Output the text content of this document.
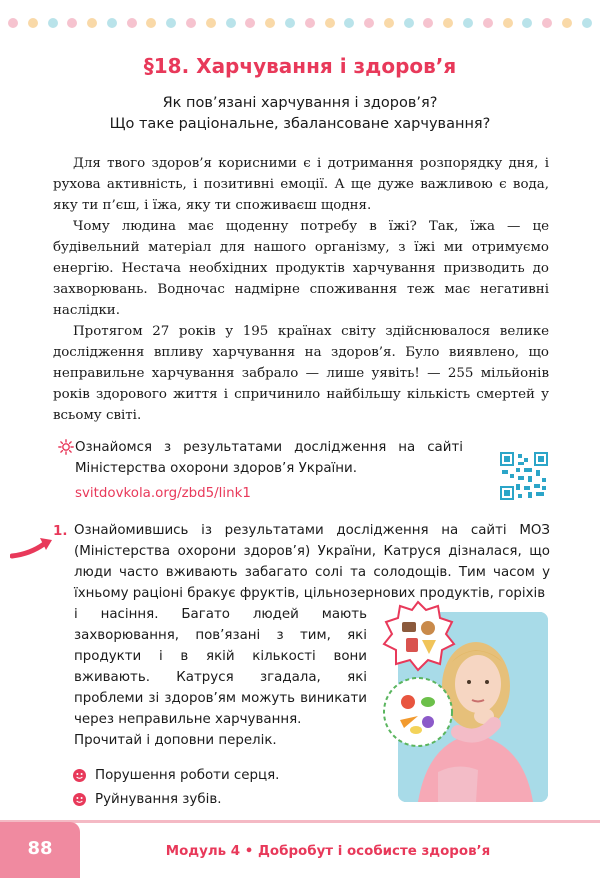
§18. Харчування і здоров’я
Як пов’язані харчування і здоров’я?
Що таке раціональне, збалансоване харчування?

Для твого здоров’я корисними є і дотримання розпорядку дня, і рухова активність, і позитивні емоції. А ще дуже важливою є вода, яку ти п’єш, і їжа, яку ти споживаєш щодня.

Чому людина має щоденну потребу в їжі? Так, їжа — це будівельний матеріал для нашого організму, з їжі ми отримуємо енергію. Нестача необхідних продуктів харчування призводить до захворювань. Водночас надмірне споживання теж має негативні наслідки.

Протягом 27 років у 195 країнах світу здійснювалося велике дослідження впливу харчування на здоров’я. Було виявлено, що неправильне харчування забрало — лише уявіть! — 255 мільйонів років здорового життя і спричинило найбільшу кількість смертей у всьому світі.

Ознайомся з результатами дослідження на сайті Міністерства охорони здоров’я України.
svitdovkola.org/zbd5/link1
1. Ознайомившись із результатами дослідження на сайті МОЗ (Міністерства охорони здоров’я) України, Катруся дізналася, що люди часто вживають забагато солі та солодощів. Тим часом у їхньому раціоні бракує фруктів, цільнозернових продуктів, горіхів
і насіння. Багато людей мають захворювання, пов’язані з тим, які продукти і в якій кількості вони вживають. Катруся згадала, які проблеми зі здоров’ям можуть виникати через неправильне харчування.
Прочитай і доповни перелік.
Порушення роботи серця.
Руйнування зубів.
88	Модуль 4 • Добробут і особисте здоров’я
